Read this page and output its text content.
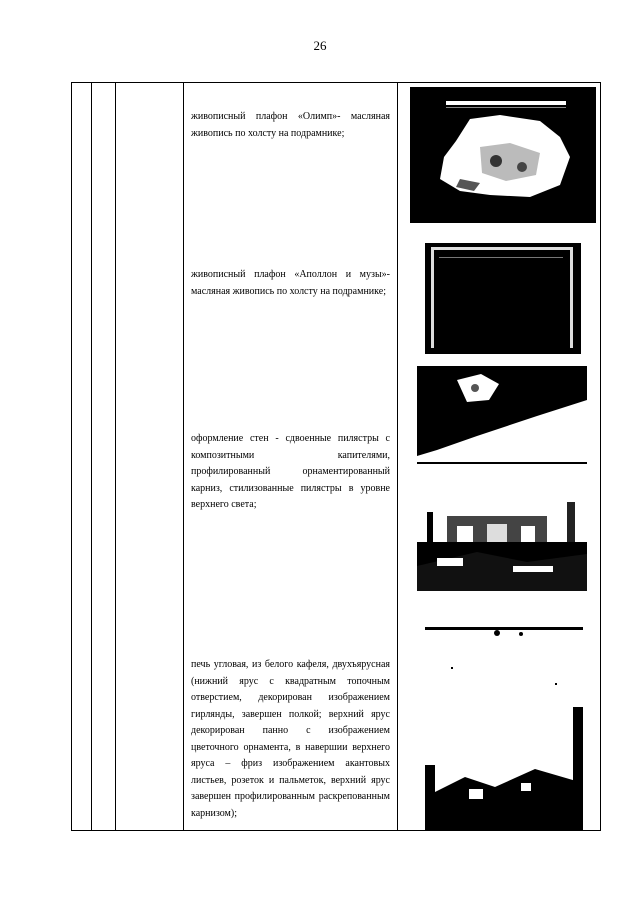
26

живописный плафон «Олимп»- масляная живопись по холсту на подрамнике;

живописный плафон «Аполлон и музы»- масляная живопись по холсту на подрамнике;

оформление стен - сдвоенные пилястры с композитными капителями, профилированный орнаментированный карниз, стилизованные пилястры в уровне верхнего света;

печь угловая, из белого кафеля, двухъярусная (нижний ярус с квадратным топочным отверстием, декорирован изображением гирлянды, завершен полкой; верхний ярус декорирован панно с изображением цветочного орнамента, в навершии верхнего яруса – фриз изображением акантовых листьев, розеток и пальметок, верхний ярус завершен профилированным раскрепованным карнизом);
